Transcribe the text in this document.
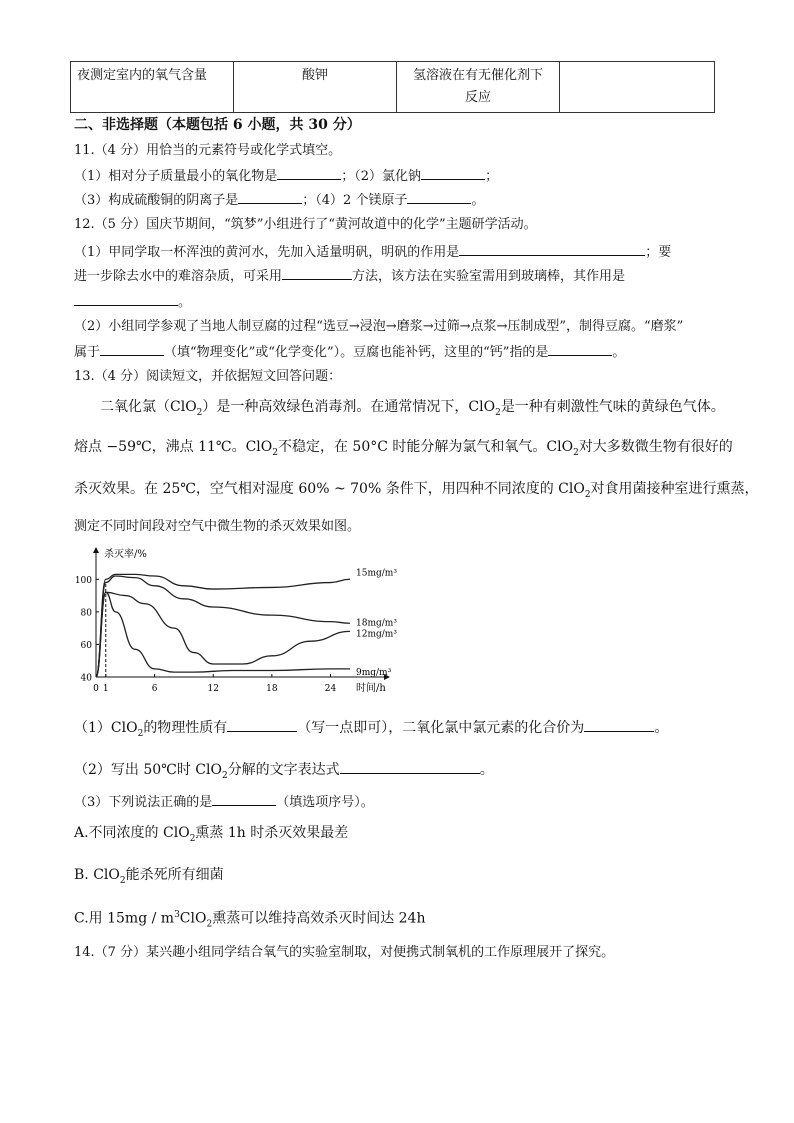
夜测定室内的氧气含量	酸钾	氢溶液在有无催化剂下
反应	
二、非选择题（本题包括 6 小题，共 30 分）
11.（4 分）用恰当的元素符号或化学式填空。
（1）相对分子质量最小的氧化物是	；（2）氯化钠	；
（3）构成硫酸铜的阴离子是	；（4）2 个镁原子	。
12.（5 分）国庆节期间，“筑梦”小组进行了“黄河故道中的化学”主题研学活动。
（1）甲同学取一杯浑浊的黄河水，先加入适量明矾，明矾的作用是	；要
进一步除去水中的难溶杂质，可采用	方法，该方法在实验室需用到玻璃棒，其作用是
。
（2）小组同学参观了当地人制豆腐的过程“选豆→浸泡→磨浆→过筛→点浆→压制成型”，制得豆腐。“磨浆”
属于	（填“物理变化”或“化学变化”）。豆腐也能补钙，这里的“钙”指的是	。
13.（4 分）阅读短文，并依据短文回答问题：
二氧化氯（ClO$_2$）是一种高效绿色消毒剂。在通常情况下，ClO$_2$是一种有刺激性气味的黄绿色气体。
熔点 −59℃，沸点 11℃。ClO$_2$不稳定，在 50°C 时能分解为氯气和氧气。ClO$_2$对大多数微生物有很好的
杀灭效果。在 25℃，空气相对湿度 60% ~ 70% 条件下，用四种不同浓度的 ClO$_2$对食用菌接种室进行熏蒸，
测定不同时间段对空气中微生物的杀灭效果如图。
40
60
80
100
0 1	6	12	18	24
杀灭率/%
时间/h
15mg/m³
18mg/m³
12mg/m³
9mg/m³
（1）ClO$_2$的物理性质有	（写一点即可），二氧化氯中氯元素的化合价为	。
（2）写出 50℃时 ClO$_2$分解的文字表达式	。
（3）下列说法正确的是	（填选项序号）。
A.不同浓度的 ClO$_2$熏蒸 1h 时杀灭效果最差
B. ClO$_2$能杀死所有细菌
C.用 $15mg / m^3ClO_2$熏蒸可以维持高效杀灭时间达 24h
14.（7 分）某兴趣小组同学结合氧气的实验室制取，对便携式制氧机的工作原理展开了探究。
